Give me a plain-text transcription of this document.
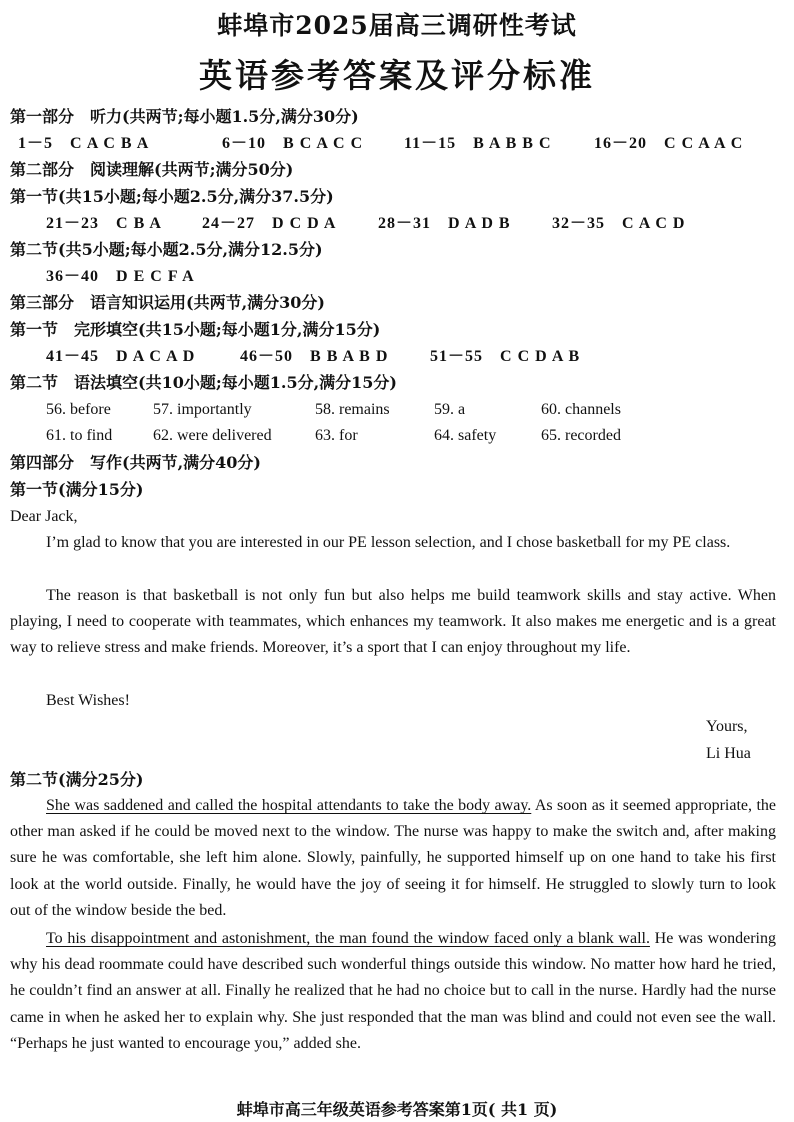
蚌埠市2025届高三调研性考试
英语参考答案及评分标准
第一部分　听力(共两节;每小题1.5分,满分30分)
1－5　 C A C B A	6－10　 B C A C C	11－15　 B A B B C	16－20　 C C A A C
第二部分　阅读理解(共两节;满分50分)
第一节(共15小题;每小题2.5分,满分37.5分)
21－23　 C B A	24－27　 D C D A	28－31　 D A D B	32－35　 C A C D
第二节(共5小题;每小题2.5分,满分12.5分)
36－40　 D E C F A
第三部分　语言知识运用(共两节,满分30分)
第一节　完形填空(共15小题;每小题1分,满分15分)
41－45　 D A C A D	46－50　 B B A B D	51－55　 C C D A B
第二节　语法填空(共10小题;每小题1.5分,满分15分)
56. before	57. importantly	58. remains	59. a	60. channels
61. to find	62. were delivered	63. for	64. safety	65. recorded
第四部分　写作(共两节,满分40分)
第一节(满分15分)
Dear Jack,

I’m glad to know that you are interested in our PE lesson selection, and I chose basketball for my PE class.

The reason is that basketball is not only fun but also helps me build teamwork skills and stay active. When playing, I need to cooperate with teammates, which enhances my teamwork. It also makes me energetic and is a great way to relieve stress and make friends. Moreover, it’s a sport that I can enjoy throughout my life.

Best Wishes!
Yours,
Li Hua
第二节(满分25分)

She was saddened and called the hospital attendants to take the body away. As soon as it seemed appropriate, the other man asked if he could be moved next to the window. The nurse was happy to make the switch and, after making sure he was comfortable, she left him alone. Slowly, painfully, he supported himself up on one hand to take his first look at the world outside. Finally, he would have the joy of seeing it for himself. He struggled to slowly turn to look out of the window beside the bed.

To his disappointment and astonishment, the man found the window faced only a blank wall. He was wondering why his dead roommate could have described such wonderful things outside this window. No matter how hard he tried, he couldn’t find an answer at all. Finally he realized that he had no choice but to call in the nurse. Hardly had the nurse came in when he asked her to explain why. She just responded that the man was blind and could not even see the wall. “Perhaps he just wanted to encourage you,” added she.

蚌埠市高三年级英语参考答案第1页( 共1 页)
